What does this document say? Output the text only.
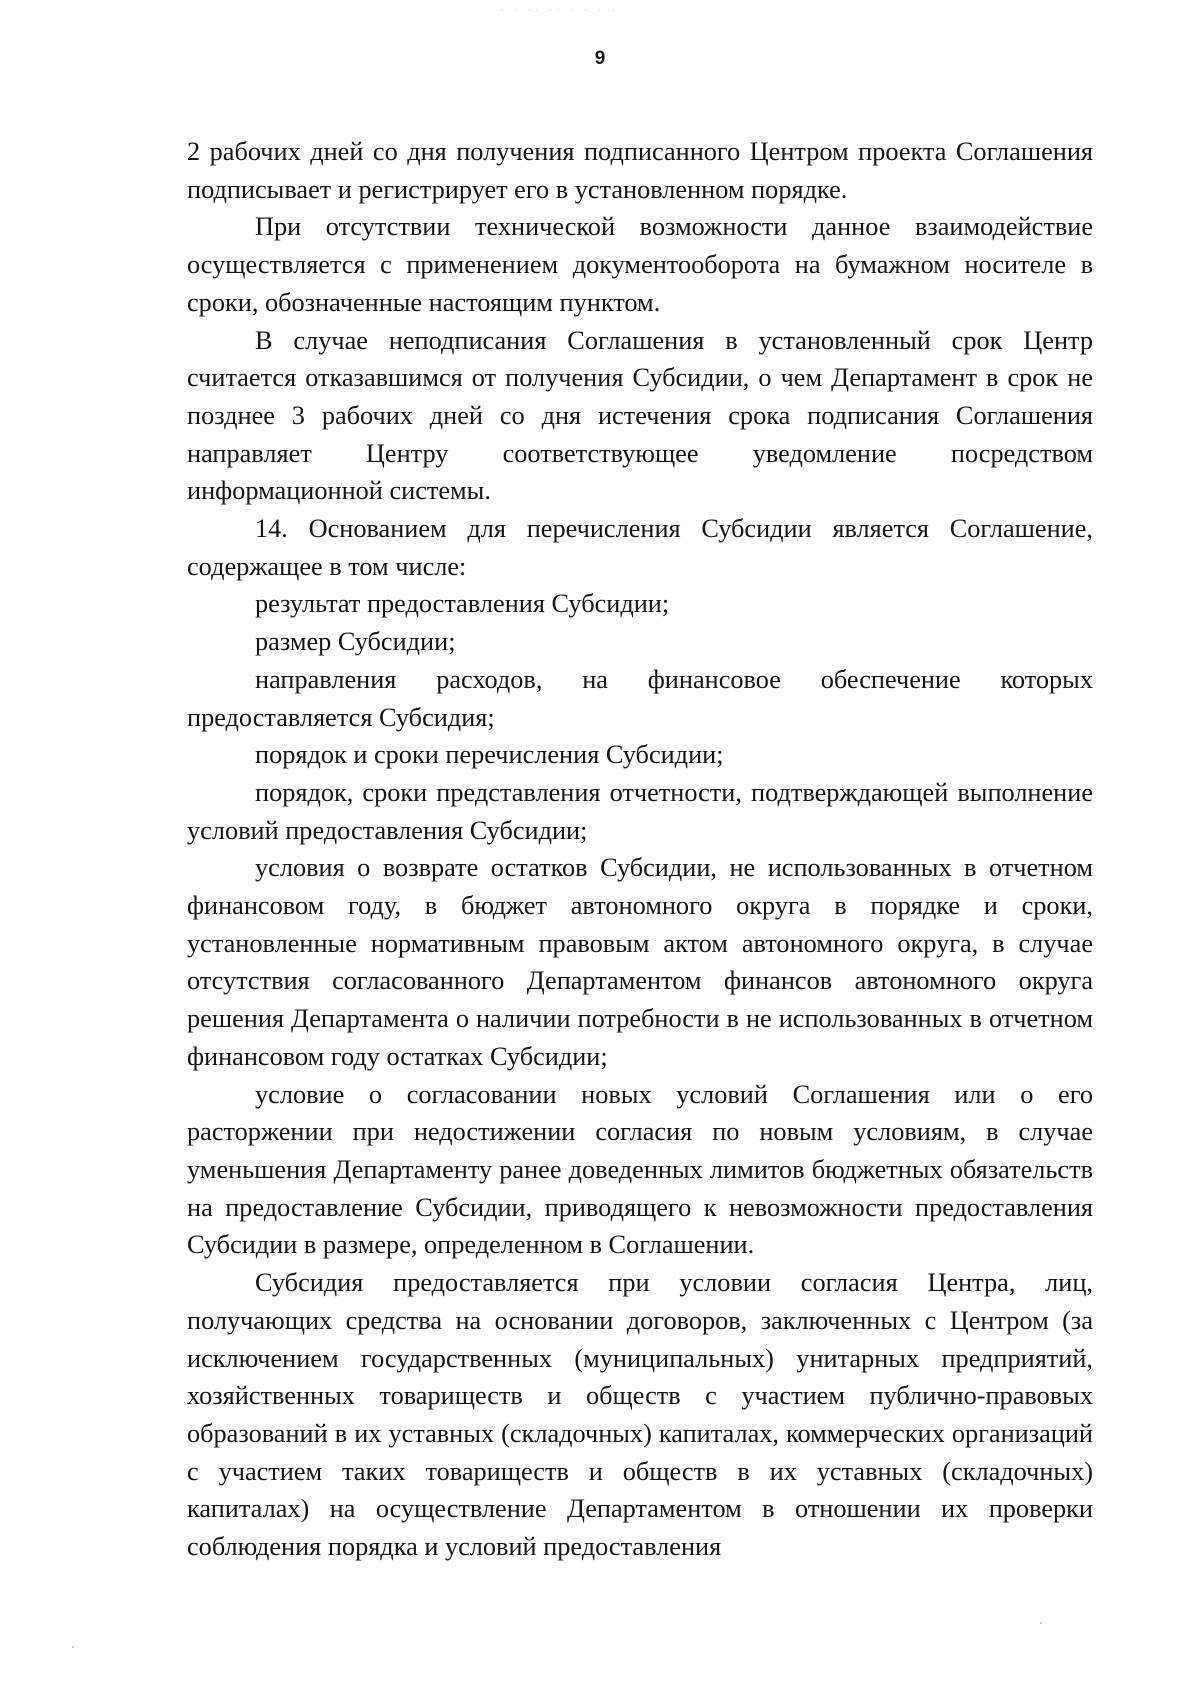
· · ·· ·· · · · ·
9

2 рабочих дней со дня получения подписанного Центром проекта Соглашения подписывает и регистрирует его в установленном порядке.

При отсутствии технической возможности данное взаимодействие осуществляется с применением документооборота на бумажном носителе в сроки, обозначенные настоящим пунктом.

В случае неподписания Соглашения в установленный срок Центр считается отказавшимся от получения Субсидии, о чем Департамент в срок не позднее 3 рабочих дней со дня истечения срока подписания Соглашения направляет Центру соответствующее уведомление посредством информационной системы.

14. Основанием для перечисления Субсидии является Соглашение, содержащее в том числе:

результат предоставления Субсидии;

размер Субсидии;

направления расходов, на финансовое обеспечение которых предоставляется Субсидия;

порядок и сроки перечисления Субсидии;

порядок, сроки представления отчетности, подтверждающей выполнение условий предоставления Субсидии;

условия о возврате остатков Субсидии, не использованных в отчетном финансовом году, в бюджет автономного округа в порядке и сроки, установленные нормативным правовым актом автономного округа, в случае отсутствия согласованного Департаментом финансов автономного округа решения Департамента о наличии потребности в не использованных в отчетном финансовом году остатках Субсидии;

условие о согласовании новых условий Соглашения или о его расторжении при недостижении согласия по новым условиям, в случае уменьшения Департаменту ранее доведенных лимитов бюджетных обязательств на предоставление Субсидии, приводящего к невозможности предоставления Субсидии в размере, определенном в Соглашении.

Субсидия предоставляется при условии согласия Центра, лиц, получающих средства на основании договоров, заключенных с Центром (за исключением государственных (муниципальных) унитарных предприятий, хозяйственных товариществ и обществ с участием публично-правовых образований в их уставных (складочных) капиталах, коммерческих организаций с участием таких товариществ и обществ в их уставных (складочных) капиталах) на осуществление Департаментом в отношении их проверки соблюдения порядка и условий предоставления
